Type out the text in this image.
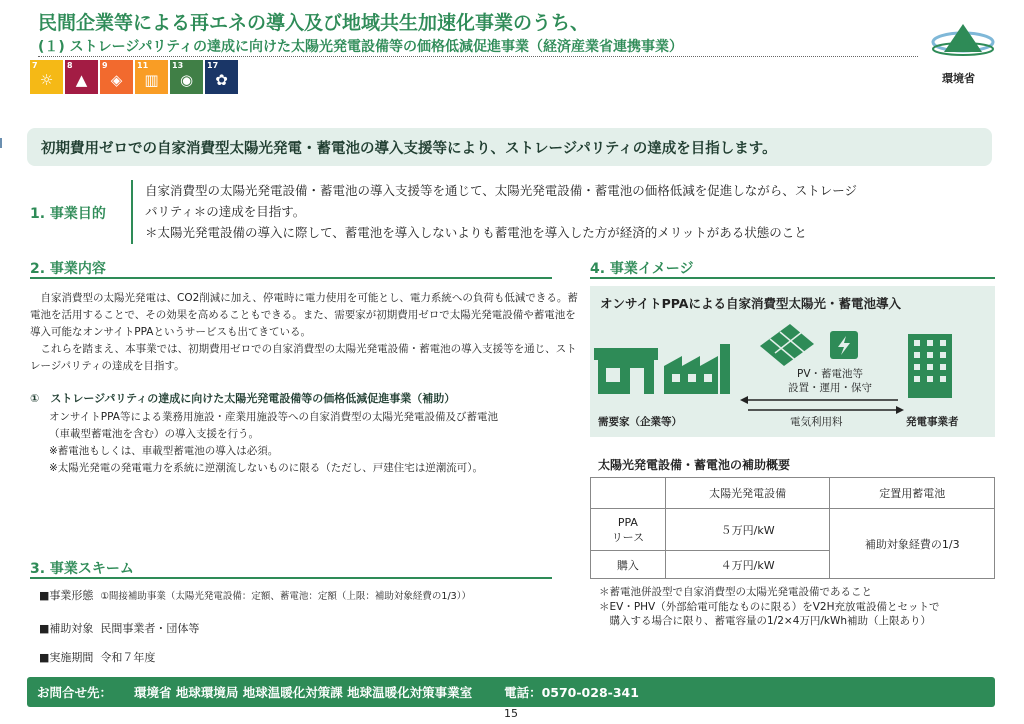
民間企業等による再エネの導入及び地域共生加速化事業のうち、
(１) ストレージパリティの達成に向けた太陽光発電設備等の価格低減促進事業（経済産業省連携事業）
7
☼
8
▲
9
◈
11
▥
13
◉
17
✿	環境省
初期費用ゼロでの自家消費型太陽光発電・蓄電池の導入支援等により、ストレージパリティの達成を目指します。
1. 事業目的
自家消費型の太陽光発電設備・蓄電池の導入支援等を通じて、太陽光発電設備・蓄電池の価格低減を促進しながら、ストレージ
パリティ＊の達成を目指す。
＊太陽光発電設備の導入に際して、蓄電池を導入しないよりも蓄電池を導入した方が経済的メリットがある状態のこと
2. 事業内容

自家消費型の太陽光発電は、CO2削減に加え、停電時に電力使用を可能とし、電力系統への負荷も低減できる。蓄電池を活用することで、その効果を高めることもできる。また、需要家が初期費用ゼロで太陽光発電設備や蓄電池を導入可能なオンサイトPPAというサービスも出てきている。

これらを踏まえ、本事業では、初期費用ゼロでの自家消費型の太陽光発電設備・蓄電池の導入支援等を通じ、ストレージパリティの達成を目指す。

①　ストレージパリティの達成に向けた太陽光発電設備等の価格低減促進事業（補助）
オンサイトPPA等による業務用施設・産業用施設等への自家消費型の太陽光発電設備及び蓄電池
（車載型蓄電池を含む）の導入支援を行う。
※蓄電池もしくは、車載型蓄電池の導入は必須。
※太陽光発電の発電電力を系統に逆潮流しないものに限る（ただし、戸建住宅は逆潮流可）。
3. 事業スキーム
■事業形態 ①間接補助事業（太陽光発電設備：定額、蓄電池：定額（上限：補助対象経費の1/3））
■補助対象 民間事業者・団体等
■実施期間 令和７年度
4. 事業イメージ
オンサイトPPAによる自家消費型太陽光・蓄電池導入
PV・蓄電池等
設置・運用・保守
電気利用料
需要家（企業等）	発電事業者
太陽光発電設備・蓄電池の補助概要
	太陽光発電設備	定置用蓄電池

PPA
リース	５万円/kW	補助対象経費の1/3
購入	４万円/kW	
＊蓄電池併設型で自家消費型の太陽光発電設備であること
＊EV・PHV（外部給電可能なものに限る）をV2H充放電設備とセットで
　購入する場合に限り、蓄電容量の1/2×4万円/kWh補助（上限あり）
お問合せ先： 環境省 地球環境局 地球温暖化対策課 地球温暖化対策事業室	電話：0570-028-341
15
